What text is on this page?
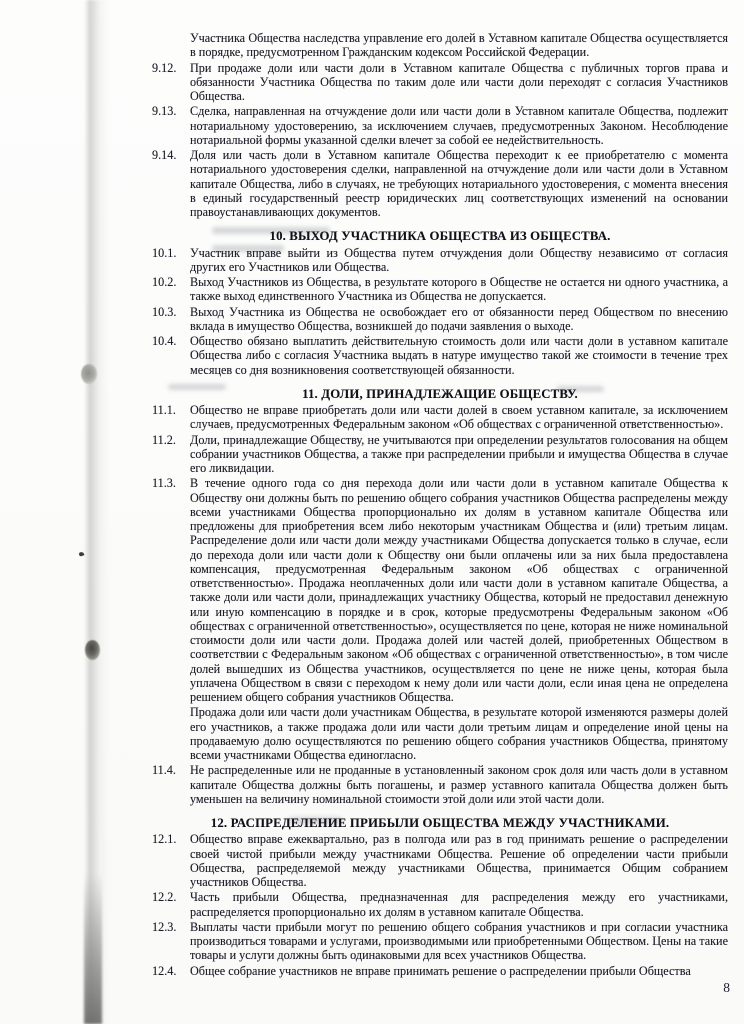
Участника Общества наследства управление его долей в Уставном капитале Общества осуществляется в порядке, предусмотренном Гражданским кодексом Российской Федерации.

9.12.	При продаже доли или части доли в Уставном капитале Общества с публичных торгов права и обязанности Участника Общества по таким доле или части доли переходят с согласия Участников Общества.

9.13.	Сделка, направленная на отчуждение доли или части доли в Уставном капитале Общества, подлежит нотариальному удостоверению, за исключением случаев, предусмотренных Законом. Несоблюдение нотариальной формы указанной сделки влечет за собой ее недействительность.

9.14.	Доля или часть доли в Уставном капитале Общества переходит к ее приобретателю с момента нотариального удостоверения сделки, направленной на отчуждение доли или части доли в Уставном капитале Общества, либо в случаях, не требующих нотариального удостоверения, с момента внесения в единый государственный реестр юридических лиц соответствующих изменений на основании правоустанавливающих документов.

10. ВЫХОД УЧАСТНИКА ОБЩЕСТВА ИЗ ОБЩЕСТВА.

10.1.	Участник вправе выйти из Общества путем отчуждения доли Обществу независимо от согласия других его Участников или Общества.

10.2.	Выход Участников из Общества, в результате которого в Обществе не остается ни одного участника, а также выход единственного Участника из Общества не допускается.

10.3.	Выход Участника из Общества не освобождает его от обязанности перед Обществом по внесению вклада в имущество Общества, возникшей до подачи заявления о выходе.

10.4.	Общество обязано выплатить действительную стоимость доли или части доли в уставном капитале Общества либо с согласия Участника выдать в натуре имущество такой же стоимости в течение трех месяцев со дня возникновения соответствующей обязанности.

11. ДОЛИ, ПРИНАДЛЕЖАЩИЕ ОБЩЕСТВУ.

11.1.	Общество не вправе приобретать доли или части долей в своем уставном капитале, за исключением случаев, предусмотренных Федеральным законом «Об обществах с ограниченной ответственностью».

11.2.	Доли, принадлежащие Обществу, не учитываются при определении результатов голосования на общем собрании участников Общества, а также при распределении прибыли и имущества Общества в случае его ликвидации.

11.3.	В течение одного года со дня перехода доли или части доли в уставном капитале Общества к Обществу они должны быть по решению общего собрания участников Общества распределены между всеми участниками Общества пропорционально их долям в уставном капитале Общества или предложены для приобретения всем либо некоторым участникам Общества и (или) третьим лицам. Распределение доли или части доли между участниками Общества допускается только в случае, если до перехода доли или части доли к Обществу они были оплачены или за них была предоставлена компенсация, предусмотренная Федеральным законом «Об обществах с ограниченной ответственностью». Продажа неоплаченных доли или части доли в уставном капитале Общества, а также доли или части доли, принадлежащих участнику Общества, который не предоставил денежную или иную компенсацию в порядке и в срок, которые предусмотрены Федеральным законом «Об обществах с ограниченной ответственностью», осуществляется по цене, которая не ниже номинальной стоимости доли или части доли. Продажа долей или частей долей, приобретенных Обществом в соответствии с Федеральным законом «Об обществах с ограниченной ответственностью», в том числе долей вышедших из Общества участников, осуществляется по цене не ниже цены, которая была уплачена Обществом в связи с переходом к нему доли или части доли, если иная цена не определена решением общего собрания участников Общества.

Продажа доли или части доли участникам Общества, в результате которой изменяются размеры долей его участников, а также продажа доли или части доли третьим лицам и определение иной цены на продаваемую долю осуществляются по решению общего собрания участников Общества, принятому всеми участниками Общества единогласно.

11.4.	Не распределенные или не проданные в установленный законом срок доля или часть доли в уставном капитале Общества должны быть погашены, и размер уставного капитала Общества должен быть уменьшен на величину номинальной стоимости этой доли или этой части доли.

12. РАСПРЕДЕЛЕНИЕ ПРИБЫЛИ ОБЩЕСТВА МЕЖДУ УЧАСТНИКАМИ.

12.1.	Общество вправе ежеквартально, раз в полгода или раз в год принимать решение о распределении своей чистой прибыли между участниками Общества. Решение об определении части прибыли Общества, распределяемой между участниками Общества, принимается Общим собранием участников Общества.

12.2.	Часть прибыли Общества, предназначенная для распределения между его участниками, распределяется пропорционально их долям в уставном капитале Общества.

12.3.	Выплаты части прибыли могут по решению общего собрания участников и при согласии участника производиться товарами и услугами, производимыми или приобретенными Обществом. Цены на такие товары и услуги должны быть одинаковыми для всех участников Общества.

12.4.	Общее собрание участников не вправе принимать решение о распределении прибыли Общества

8
